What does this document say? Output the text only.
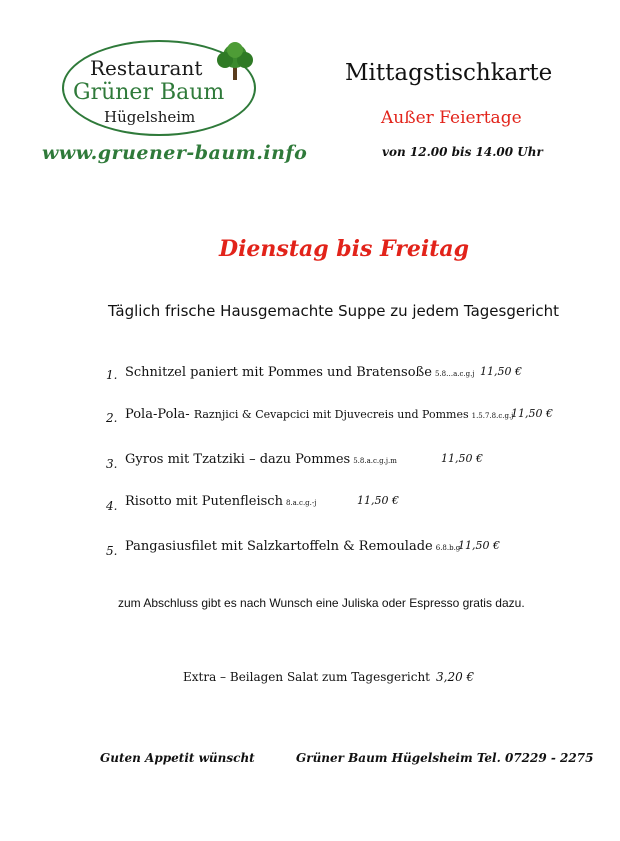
Restaurant
Grüner Baum
Hügelsheim
www.gruener-baum.info
Mittagstischkarte
Außer Feiertage
von 12.00 bis 14.00 Uhr
Dienstag bis Freitag
Täglich frische Hausgemachte Suppe zu jedem Tagesgericht
1. Schnitzel paniert mit Pommes und Bratensoße 5.8…a.c.g.j 11,50 €
2. Pola-Pola- Raznjici & Cevapcici mit Djuvecreis und Pommes 1.5.7.8.c.g.j
11,50 €
3. Gyros mit Tzatziki – dazu Pommes 5.8.a.c.g.j.m	11,50 €
4. Risotto mit Putenfleisch 8.a.c.g.-j	11,50 €
5. Pangasiusfilet mit Salzkartoffeln & Remoulade 6.8.b.g
11,50 €
zum Abschluss gibt es nach Wunsch eine Juliska oder Espresso gratis dazu.
Extra – Beilagen Salat zum Tagesgericht 3,20 €
Guten Appetit wünscht	Grüner Baum Hügelsheim Tel. 07229 - 2275
